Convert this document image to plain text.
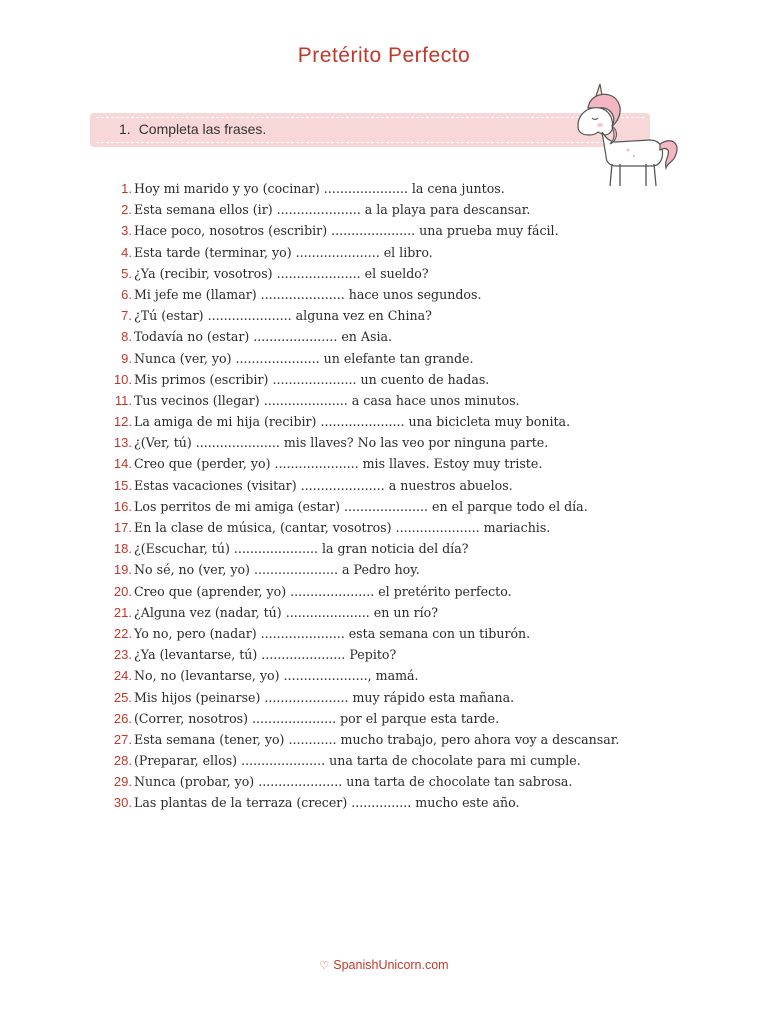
Pretérito Perfecto
1. Completa las frases.
1. Hoy mi marido y yo (cocinar) ..................... la cena juntos.
2. Esta semana ellos (ir) ..................... a la playa para descansar.
3. Hace poco, nosotros (escribir) ..................... una prueba muy fácil.
4. Esta tarde (terminar, yo) ..................... el libro.
5. ¿Ya (recibir, vosotros) ..................... el sueldo?
6. Mi jefe me (llamar) ..................... hace unos segundos.
7. ¿Tú (estar) ..................... alguna vez en China?
8. Todavía no (estar) ..................... en Asia.
9. Nunca (ver, yo) ..................... un elefante tan grande.
10. Mis primos (escribir) ..................... un cuento de hadas.
11. Tus vecinos (llegar) ..................... a casa hace unos minutos.
12. La amiga de mi hija (recibir) ..................... una bicicleta muy bonita.
13. ¿(Ver, tú) ..................... mis llaves? No las veo por ninguna parte.
14. Creo que (perder, yo) ..................... mis llaves. Estoy muy triste.
15. Estas vacaciones (visitar) ..................... a nuestros abuelos.
16. Los perritos de mi amiga (estar) ..................... en el parque todo el día.
17. En la clase de música, (cantar, vosotros) ..................... mariachis.
18. ¿(Escuchar, tú) ..................... la gran noticia del día?
19. No sé, no (ver, yo) ..................... a Pedro hoy.
20. Creo que (aprender, yo) ..................... el pretérito perfecto.
21. ¿Alguna vez (nadar, tú) ..................... en un río?
22. Yo no, pero (nadar) ..................... esta semana con un tiburón.
23. ¿Ya (levantarse, tú) ..................... Pepito?
24. No, no (levantarse, yo) ....................., mamá.
25. Mis hijos (peinarse) ..................... muy rápido esta mañana.
26. (Correr, nosotros) ..................... por el parque esta tarde.
27. Esta semana (tener, yo) ............ mucho trabajo, pero ahora voy a descansar.
28. (Preparar, ellos) ..................... una tarta de chocolate para mi cumple.
29. Nunca (probar, yo) ..................... una tarta de chocolate tan sabrosa.
30. Las plantas de la terraza (crecer) ............... mucho este año.
♡ SpanishUnicorn.com
